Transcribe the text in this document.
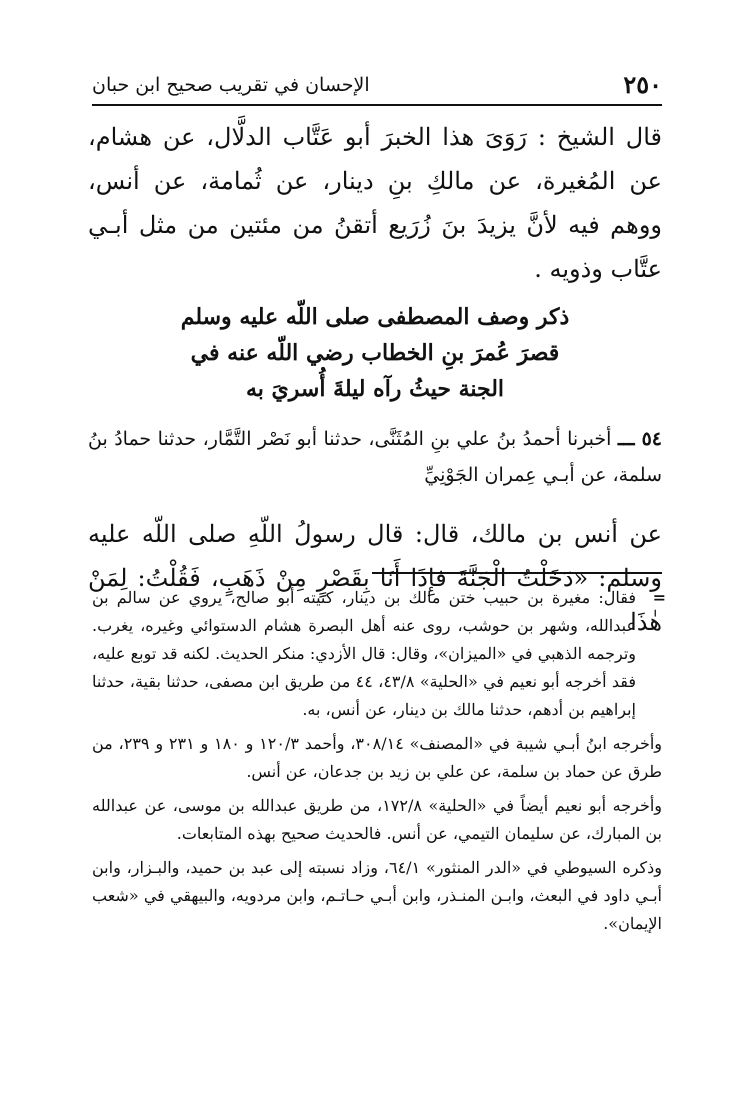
٢٥٠
الإحسان في تقريب صحيح ابن حبان

قال الشيخ : رَوَىَ هذا الخبرَ أبو عَتَّاب الدلَّال، عن هشام، عن المُغيرة، عن مالكِ بنِ دينار، عن ثُمامة، عن أنس، ووهم فيه لأنَّ يزيدَ بنَ زُرَيع أتقنُ من مئتين من مثل أبـي عتَّاب وذويه .

ذكر وصف المصطفى صلى اللّه عليه وسلم
قصرَ عُمرَ بنِ الخطاب رضي اللّه عنه في
الجنة حيثُ رآه ليلةَ أُسريَ به

٥٤ ـــ أخبرنا أحمدُ بنُ علي بنِ المُثَنَّى، حدثنا أبو نَصْر التَّمَّار، حدثنا حمادُ بنُ سلمة، عن أبـي عِمران الجَوْنِيِّ

عن أنس بن مالك، قال: قال رسولُ اللّهِ صلى اللّه عليه وسلم: «دَخَلْتُ الْجَنَّةَ فإِذَا أَنَا بِقَصْرٍ مِنْ ذَهَبٍ، فَقُلْتُ: لِمَنْ هٰذَا

=
فقال: مغيرة بن حبيب ختن مالك بن دينار، كنيته أبو صالح، يروي عن سالم بن عبدالله، وشهر بن حوشب، روى عنه أهل البصرة هشام الدستوائي وغيره، يغرب. وترجمه الذهبي في «الميزان»، وقال: قال الأزدي: منكر الحديث. لكنه قد توبع عليه، فقد أخرجه أبو نعيم في «الحلية» ٤٣/٨، ٤٤ من طريق ابن مصفى، حدثنا بقية، حدثنا إبراهيم بن أدهم، حدثنا مالك بن دينار، عن أنس، به.

وأخرجه ابنُ أبـي شيبة في «المصنف» ٣٠٨/١٤، وأحمد ١٢٠/٣ و ١٨٠ و ٢٣١ و ٢٣٩، من طرق عن حماد بن سلمة، عن علي بن زيد بن جدعان، عن أنس.

وأخرجه أبو نعيم أيضاً في «الحلية» ١٧٢/٨، من طريق عبدالله بن موسى، عن عبدالله بن المبارك، عن سليمان التيمي، عن أنس. فالحديث صحيح بهذه المتابعات.

وذكره السيوطي في «الدر المنثور» ٦٤/١، وزاد نسبته إلى عبد بن حميد، والبـزار، وابن أبـي داود في البعث، وابـن المنـذر، وابن أبـي حـاتـم، وابن مردويه، والبيهقي في «شعب الإيمان».
